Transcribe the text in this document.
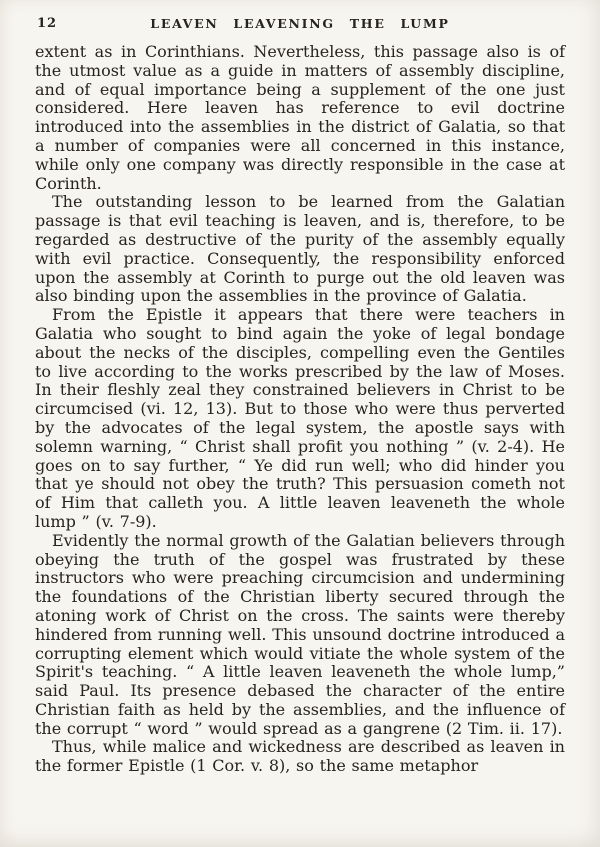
12	LEAVEN LEAVENING THE LUMP

extent as in Corinthians. Nevertheless, this passage also is of the utmost value as a guide in matters of assembly discipline, and of equal importance being a supplement of the one just considered. Here leaven has reference to evil doctrine introduced into the assemblies in the district of Galatia, so that a number of companies were all concerned in this instance, while only one company was directly responsible in the case at Corinth.

The outstanding lesson to be learned from the Galatian passage is that evil teaching is leaven, and is, therefore, to be regarded as destructive of the purity of the assembly equally with evil practice. Consequently, the responsibility enforced upon the assembly at Corinth to purge out the old leaven was also binding upon the assemblies in the province of Galatia.

From the Epistle it appears that there were teachers in Galatia who sought to bind again the yoke of legal bondage about the necks of the disciples, compelling even the Gentiles to live according to the works prescribed by the law of Moses. In their fleshly zeal they constrained believers in Christ to be circumcised (vi. 12, 13). But to those who were thus perverted by the advocates of the legal system, the apostle says with solemn warning, “ Christ shall profit you nothing ” (v. 2-4). He goes on to say further, “ Ye did run well; who did hinder you that ye should not obey the truth? This persuasion cometh not of Him that calleth you. A little leaven leaveneth the whole lump ” (v. 7-9).

Evidently the normal growth of the Galatian believers through obeying the truth of the gospel was frustrated by these instructors who were preaching circumcision and undermining the foundations of the Christian liberty secured through the atoning work of Christ on the cross. The saints were thereby hindered from running well. This unsound doctrine introduced a corrupting element which would vitiate the whole system of the Spirit's teaching. “ A little leaven leaveneth the whole lump,” said Paul. Its presence debased the character of the entire Christian faith as held by the assemblies, and the influence of the corrupt “ word ” would spread as a gangrene (2 Tim. ii. 17).

Thus, while malice and wickedness are described as leaven in the former Epistle (1 Cor. v. 8), so the same metaphor
